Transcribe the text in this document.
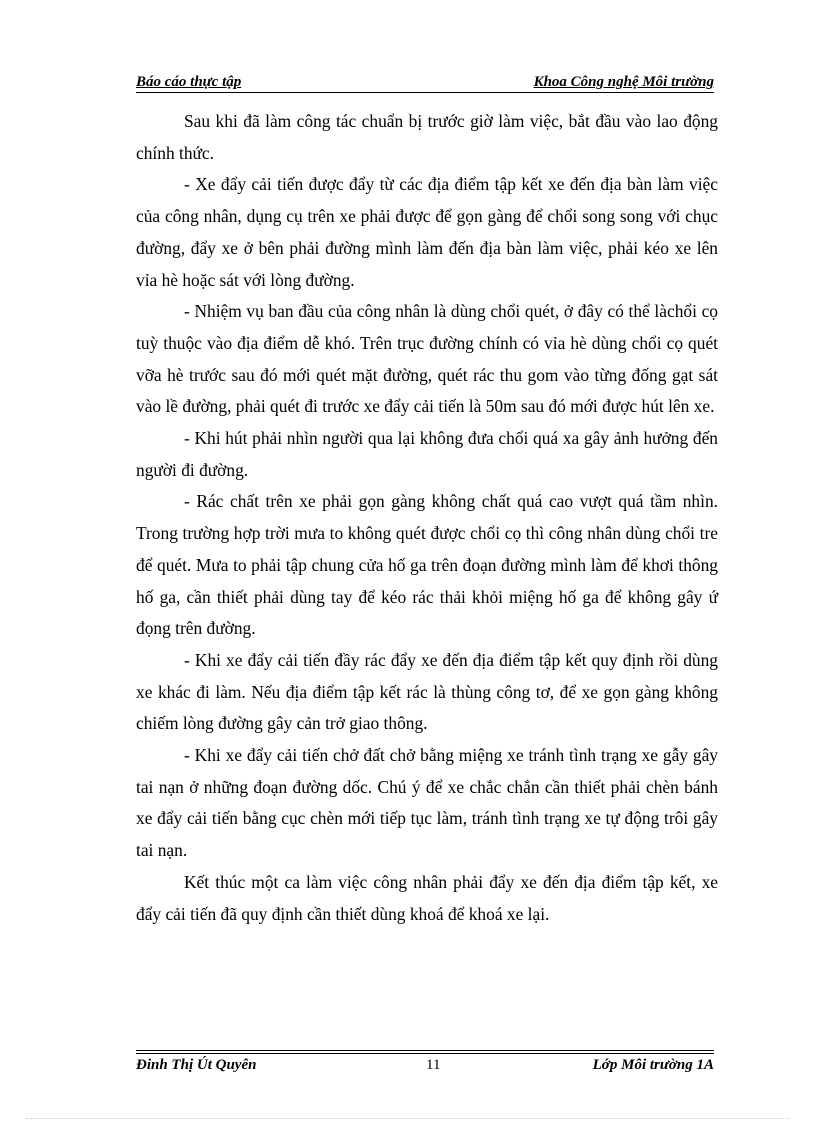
Báo cáo thực tập	Khoa Công nghệ Môi trường

Sau khi đã làm công tác chuẩn bị trước giờ làm việc, bắt đầu vào lao động chính thức.

- Xe đẩy cải tiến được đẩy từ các địa điểm tập kết xe đến địa bàn làm việc của công nhân, dụng cụ trên xe phải được để gọn gàng để chổi song song với chục đường, đẩy xe ở bên phải đường mình làm đến địa bàn làm việc, phải kéo xe lên vỉa hè hoặc sát với lòng đường.

- Nhiệm vụ ban đầu của công nhân là dùng chổi quét, ở đây có thể làchổi cọ tuỳ thuộc vào địa điểm dễ khó. Trên trục đường chính có vỉa hè dùng chổi cọ quét vỡa hè trước sau đó mới quét mặt đường, quét rác thu gom vào từng đống gạt sát vào lề đường, phải quét đi trước xe đẩy cải tiến là 50m sau đó mới được hút lên xe.

- Khi hút phải nhìn người qua lại không đưa chổi quá xa gây ảnh hưởng đến người đi đường.

- Rác chất trên xe phải gọn gàng không chất quá cao vượt quá tầm nhìn. Trong trường hợp trời mưa to không quét được chổi cọ thì công nhân dùng chổi tre để quét. Mưa to phải tập chung cửa hố ga trên đoạn đường mình làm để khơi thông hố ga, cần thiết phải dùng tay để kéo rác thải khỏi miệng hố ga để không gây ứ đọng trên đường.

- Khi xe đẩy cải tiến đầy rác đẩy xe đến địa điểm tập kết quy định rồi dùng xe khác đi làm. Nếu địa điểm tập kết rác là thùng công tơ, để xe gọn gàng không chiếm lòng đường gây cản trở giao thông.

- Khi xe đẩy cải tiến chở đất chở bằng miệng xe tránh tình trạng xe gẫy gây tai nạn ở những đoạn đường dốc. Chú ý để xe chắc chắn cần thiết phải chèn bánh xe đẩy cải tiến bằng cục chèn mới tiếp tục làm, tránh tình trạng xe tự động trôi gây tai nạn.

Kết thúc một ca làm việc công nhân phải đẩy xe đến địa điểm tập kết, xe đẩy cải tiến đã quy định cần thiết dùng khoá để khoá xe lại.

Đinh Thị Út Quyên	11	Lớp Môi trường 1A
